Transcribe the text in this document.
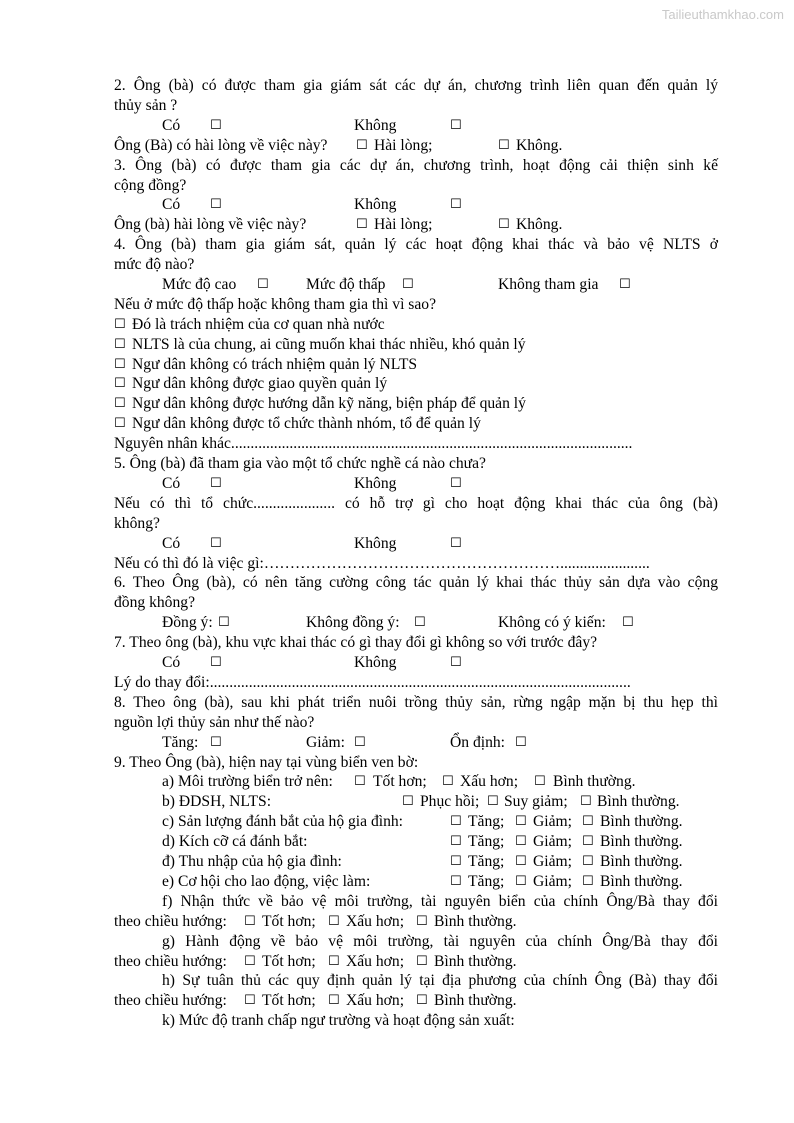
Tailieuthamkhao.com
2. Ông (bà) có được tham gia giám sát các dự án, chương trình liên quan đến quản lý
thủy sản ?
Có ☐	Không	☐
Ông (Bà) có hài lòng về việc này? ☐ Hài lòng;	☐ Không.
3. Ông (bà) có được tham gia các dự án, chương trình, hoạt động cải thiện sinh kế
cộng đồng?
Có ☐	Không	☐
Ông (bà) hài lòng về việc này?	☐ Hài lòng;	☐ Không.
4. Ông (bà) tham gia giám sát, quản lý các hoạt động khai thác và bảo vệ NLTS ở
mức độ nào?
Mức độ cao ☐ Mức độ thấp ☐	Không tham gia ☐
Nếu ở mức độ thấp hoặc không tham gia thì vì sao?
☐ Đó là trách nhiệm của cơ quan nhà nước
☐ NLTS là của chung, ai cũng muốn khai thác nhiều, khó quản lý
☐ Ngư dân không có trách nhiệm quản lý NLTS
☐ Ngư dân không được giao quyền quản lý
☐ Ngư dân không được hướng dẫn kỹ năng, biện pháp để quản lý
☐ Ngư dân không được tổ chức thành nhóm, tổ để quản lý
Nguyên nhân khác.......................................................................................................
5. Ông (bà) đã tham gia vào một tổ chức nghề cá nào chưa?
Có ☐	Không	☐
Nếu có thì tổ chức..................... có hỗ trợ gì cho hoạt động khai thác của ông (bà)
không?
Có ☐	Không	☐
Nếu có thì đó là việc gì:………………………………………………….......................
6. Theo Ông (bà), có nên tăng cường công tác quản lý khai thác thủy sản dựa vào cộng
đồng không?
Đồng ý: ☐	Không đồng ý: ☐	Không có ý kiến: ☐
7. Theo ông (bà), khu vực khai thác có gì thay đổi gì không so với trước đây?
Có ☐	Không	☐
Lý do thay đổi:............................................................................................................
8. Theo ông (bà), sau khi phát triển nuôi trồng thủy sản, rừng ngập mặn bị thu hẹp thì
nguồn lợi thủy sản như thế nào?
Tăng: ☐	Giảm: ☐	Ổn định: ☐
9. Theo Ông (bà), hiện nay tại vùng biển ven bờ:
a) Môi trường biển trở nên: ☐ Tốt hơn; ☐ Xấu hơn; ☐ Bình thường.
b) ĐDSH, NLTS:	☐ Phục hồi; ☐ Suy giảm; ☐ Bình thường.
c) Sản lượng đánh bắt của hộ gia đình:	☐ Tăng; ☐ Giảm; ☐ Bình thường.
d) Kích cỡ cá đánh bắt:	☐ Tăng; ☐ Giảm; ☐ Bình thường.
đ) Thu nhập của hộ gia đình:	☐ Tăng; ☐ Giảm; ☐ Bình thường.
e) Cơ hội cho lao động, việc làm:	☐ Tăng; ☐ Giảm; ☐ Bình thường.
f) Nhận thức về bảo vệ môi trường, tài nguyên biển của chính Ông/Bà thay đổi
theo chiều hướng: ☐ Tốt hơn; ☐ Xấu hơn; ☐ Bình thường.
g) Hành động về bảo vệ môi trường, tài nguyên của chính Ông/Bà thay đổi
theo chiều hướng: ☐ Tốt hơn; ☐ Xấu hơn; ☐ Bình thường.
h) Sự tuân thủ các quy định quản lý tại địa phương của chính Ông (Bà) thay đổi
theo chiều hướng: ☐ Tốt hơn; ☐ Xấu hơn; ☐ Bình thường.
k) Mức độ tranh chấp ngư trường và hoạt động sản xuất:
